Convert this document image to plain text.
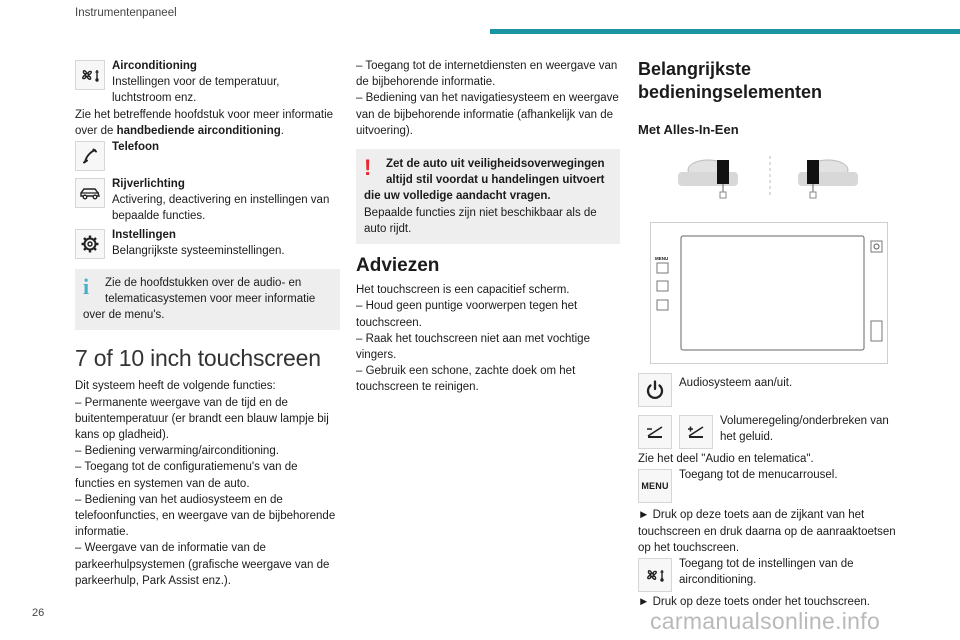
Instrumentenpaneel
Airconditioning
Instellingen voor de temperatuur, luchtstroom enz.

Zie het betreffende hoofdstuk voor meer informatie over de handbediende airconditioning.

Telefoon
Rijverlichting
Activering, deactivering en instellingen van bepaalde functies.
Instellingen
Belangrijkste systeeminstellingen.
i	Zie de hoofdstukken over de audio- en telematicasystemen voor meer informatie over de menu's.

7 of 10 inch touchscreen

Dit systeem heeft de volgende functies:

– Permanente weergave van de tijd en de buitentemperatuur (er brandt een blauw lampje bij kans op gladheid).

– Bediening verwarming/airconditioning.

– Toegang tot de configuratiemenu's van de functies en systemen van de auto.

– Bediening van het audiosysteem en de telefoonfuncties, en weergave van de bijbehorende informatie.

– Weergave van de informatie van de parkeerhulpsystemen (grafische weergave van de parkeerhulp, Park Assist enz.).

– Toegang tot de internetdiensten en weergave van de bijbehorende informatie.

– Bediening van het navigatiesysteem en weergave van de bijbehorende informatie (afhankelijk van de uitvoering).

!	Zet de auto uit veiligheidsoverwegingen altijd stil voordat u handelingen uitvoert die uw volledige aandacht vragen.

Bepaalde functies zijn niet beschikbaar als de auto rijdt.

Adviezen

Het touchscreen is een capacitief scherm.

– Houd geen puntige voorwerpen tegen het touchscreen.

– Raak het touchscreen niet aan met vochtige vingers.

– Gebruik een schone, zachte doek om het touchscreen te reinigen.

Belangrijkste bedieningselementen
Met Alles-In-Een
MENU

Audiosysteem aan/uit.

Volumeregeling/onderbreken van het geluid.

Zie het deel "Audio en telematica".

MENU

Toegang tot de menucarrousel.

► Druk op deze toets aan de zijkant van het touchscreen en druk daarna op de aanraaktoetsen op het touchscreen.

Toegang tot de instellingen van de airconditioning.

► Druk op deze toets onder het touchscreen.

26	carmanualsonline.info
